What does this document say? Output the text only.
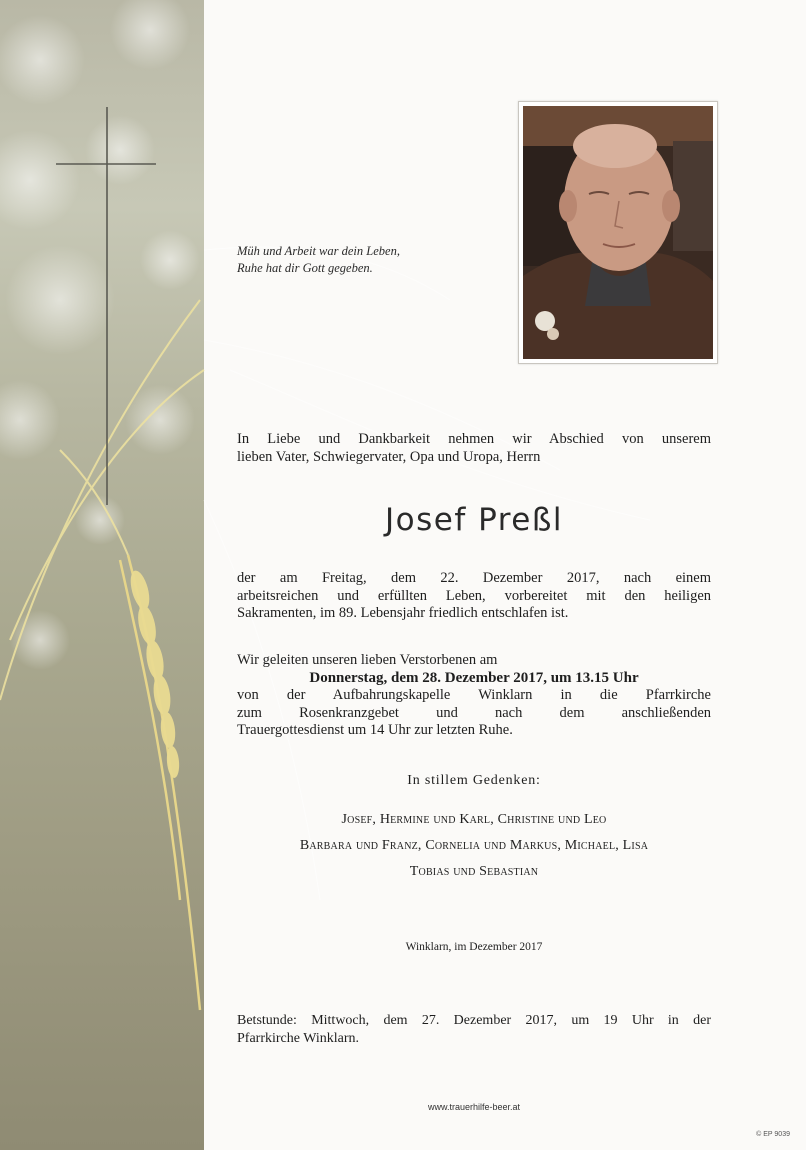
Müh und Arbeit war dein Leben,
Ruhe hat dir Gott gegeben.
In Liebe und Dankbarkeit nehmen wir Abschied von unserem
lieben Vater, Schwiegervater, Opa und Uropa, Herrn
Josef Preßl
der am Freitag, dem 22. Dezember 2017, nach einem
arbeitsreichen und erfüllten Leben, vorbereitet mit den heiligen
Sakramenten, im 89. Lebensjahr friedlich entschlafen ist.
Wir geleiten unseren lieben Verstorbenen am
Donnerstag, dem 28. Dezember 2017, um 13.15 Uhr
von der Aufbahrungskapelle Winklarn in die Pfarrkirche
zum Rosenkranzgebet und nach dem anschließenden
Trauergottesdienst um 14 Uhr zur letzten Ruhe.
In stillem Gedenken:
Josef, Hermine und Karl, Christine und Leo
Barbara und Franz, Cornelia und Markus, Michael, Lisa
Tobias und Sebastian
Winklarn, im Dezember 2017
Betstunde: Mittwoch, dem 27. Dezember 2017, um 19 Uhr in der
Pfarrkirche Winklarn.
www.trauerhilfe-beer.at
© EP 9039
